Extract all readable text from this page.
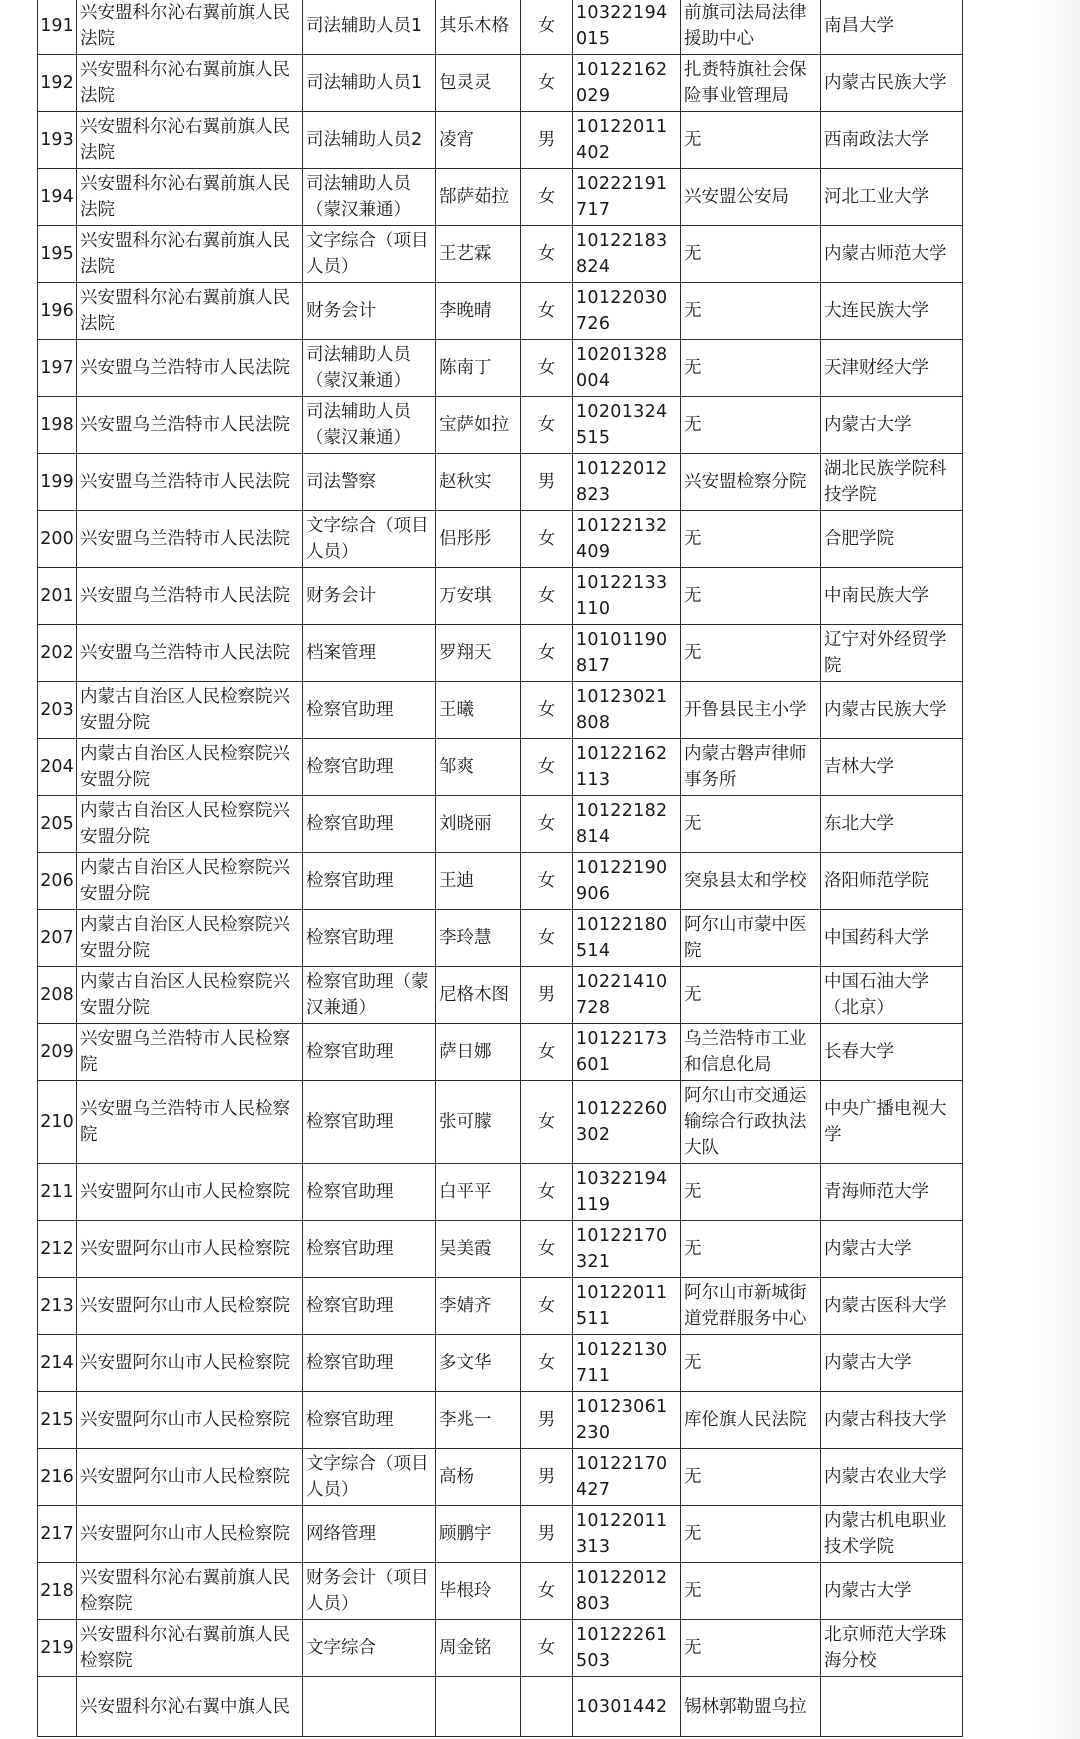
191	兴安盟科尔沁右翼前旗人民法院	司法辅助人员1	其乐木格	女	10322194015	前旗司法局法律援助中心	南昌大学
192	兴安盟科尔沁右翼前旗人民法院	司法辅助人员1	包灵灵	女	10122162029	扎赉特旗社会保险事业管理局	内蒙古民族大学
193	兴安盟科尔沁右翼前旗人民法院	司法辅助人员2	凌宵	男	10122011402	无	西南政法大学
194	兴安盟科尔沁右翼前旗人民法院	司法辅助人员（蒙汉兼通）	郜萨茹拉	女	10222191717	兴安盟公安局	河北工业大学
195	兴安盟科尔沁右翼前旗人民法院	文字综合（项目人员）	王艺霖	女	10122183824	无	内蒙古师范大学
196	兴安盟科尔沁右翼前旗人民法院	财务会计	李晚晴	女	10122030726	无	大连民族大学
197	兴安盟乌兰浩特市人民法院	司法辅助人员（蒙汉兼通）	陈南丁	女	10201328004	无	天津财经大学
198	兴安盟乌兰浩特市人民法院	司法辅助人员（蒙汉兼通）	宝萨如拉	女	10201324515	无	内蒙古大学
199	兴安盟乌兰浩特市人民法院	司法警察	赵秋实	男	10122012823	兴安盟检察分院	湖北民族学院科技学院
200	兴安盟乌兰浩特市人民法院	文字综合（项目人员）	侣彤彤	女	10122132409	无	合肥学院
201	兴安盟乌兰浩特市人民法院	财务会计	万安琪	女	10122133110	无	中南民族大学
202	兴安盟乌兰浩特市人民法院	档案管理	罗翔天	女	10101190817	无	辽宁对外经贸学院
203	内蒙古自治区人民检察院兴安盟分院	检察官助理	王曦	女	10123021808	开鲁县民主小学	内蒙古民族大学
204	内蒙古自治区人民检察院兴安盟分院	检察官助理	邹爽	女	10122162113	内蒙古磐声律师事务所	吉林大学
205	内蒙古自治区人民检察院兴安盟分院	检察官助理	刘晓丽	女	10122182814	无	东北大学
206	内蒙古自治区人民检察院兴安盟分院	检察官助理	王迪	女	10122190906	突泉县太和学校	洛阳师范学院
207	内蒙古自治区人民检察院兴安盟分院	检察官助理	李玲慧	女	10122180514	阿尔山市蒙中医院	中国药科大学
208	内蒙古自治区人民检察院兴安盟分院	检察官助理（蒙汉兼通）	尼格木图	男	10221410728	无	中国石油大学（北京）
209	兴安盟乌兰浩特市人民检察院	检察官助理	萨日娜	女	10122173601	乌兰浩特市工业和信息化局	长春大学
210	兴安盟乌兰浩特市人民检察院	检察官助理	张可朦	女	10122260302	阿尔山市交通运输综合行政执法大队	中央广播电视大学
211	兴安盟阿尔山市人民检察院	检察官助理	白平平	女	10322194119	无	青海师范大学
212	兴安盟阿尔山市人民检察院	检察官助理	吴美霞	女	10122170321	无	内蒙古大学
213	兴安盟阿尔山市人民检察院	检察官助理	李婧齐	女	10122011511	阿尔山市新城街道党群服务中心	内蒙古医科大学
214	兴安盟阿尔山市人民检察院	检察官助理	多文华	女	10122130711	无	内蒙古大学
215	兴安盟阿尔山市人民检察院	检察官助理	李兆一	男	10123061230	库伦旗人民法院	内蒙古科技大学
216	兴安盟阿尔山市人民检察院	文字综合（项目人员）	高杨	男	10122170427	无	内蒙古农业大学
217	兴安盟阿尔山市人民检察院	网络管理	顾鹏宇	男	10122011313	无	内蒙古机电职业技术学院
218	兴安盟科尔沁右翼前旗人民检察院	财务会计（项目人员）	毕根玲	女	10122012803	无	内蒙古大学
219	兴安盟科尔沁右翼前旗人民检察院	文字综合	周金铭	女	10122261503	无	北京师范大学珠海分校
	兴安盟科尔沁右翼中旗人民				10301442	锡林郭勒盟乌拉	
